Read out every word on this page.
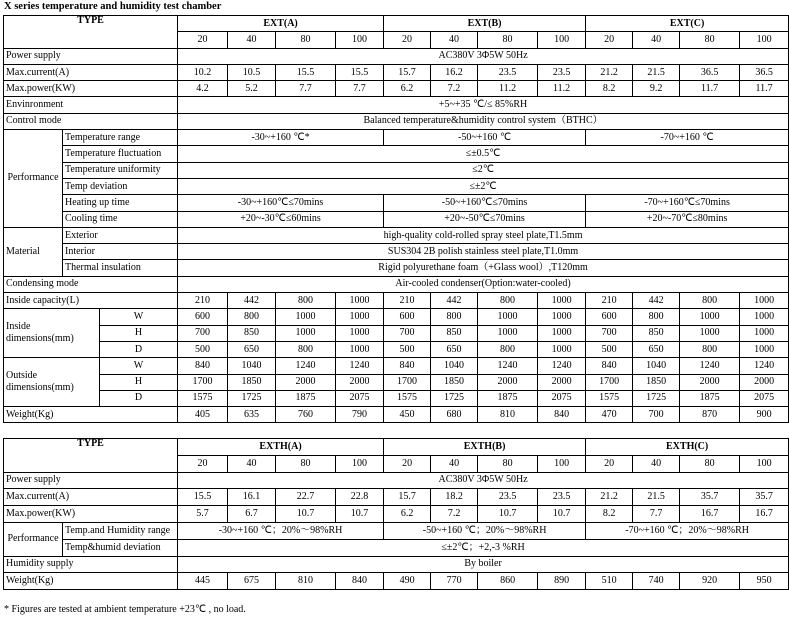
X series temperature and humidity test chamber
TYPE			EXT(A)				EXT(B)				EXT(C)			
			20	40	80	100	20	40	80	100	20	40	80	100
Power supply			AC380V 3Φ5W 50Hz											
Max.current(A)			10.2	10.5	15.5	15.5	15.7	16.2	23.5	23.5	21.2	21.5	36.5	36.5
Max.power(KW)			4.2	5.2	7.7	7.7	6.2	7.2	11.2	11.2	8.2	9.2	11.7	11.7
Envinronment			+5~+35 ℃/≤ 85%RH											
Control mode			Balanced temperature&humidity control system（BTHC）											
Performance	Temperature range		-30~+160 ℃*				-50~+160 ℃				-70~+160 ℃			
	Temperature fluctuation		≤±0.5℃											
	Temperature uniformity		≤2℃											
	Temp deviation		≤±2℃											
	Heating up time		-30~+160℃≤70mins				-50~+160℃≤70mins				-70~+160℃≤70mins			
	Cooling time		+20~-30℃≤60mins				+20~-50℃≤70mins				+20~-70℃≤80mins			
Material	Exterior		high-quality cold-rolled spray steel plate,T1.5mm											
	Interior		SUS304 2B polish stainless steel plate,T1.0mm											
	Thermal insulation		Rigid polyurethane foam（+Glass wool）,T120mm											
Condensing mode			Air-cooled condenser(Option:water-cooled)											
Inside capacity(L)			210	442	800	1000	210	442	800	1000	210	442	800	1000
Inside dimensions(mm)		W	600	800	1000	1000	600	800	1000	1000	600	800	1000	1000
		H	700	850	1000	1000	700	850	1000	1000	700	850	1000	1000
		D	500	650	800	1000	500	650	800	1000	500	650	800	1000
Outside dimensions(mm)		W	840	1040	1240	1240	840	1040	1240	1240	840	1040	1240	1240
		H	1700	1850	2000	2000	1700	1850	2000	2000	1700	1850	2000	2000
		D	1575	1725	1875	2075	1575	1725	1875	2075	1575	1725	1875	2075
Weight(Kg)			405	635	760	790	450	680	810	840	470	700	870	900
TYPE		EXTH(A)				EXTH(B)				EXTH(C)			
		20	40	80	100	20	40	80	100	20	40	80	100
Power supply		AC380V 3Φ5W 50Hz											
Max.current(A)		15.5	16.1	22.7	22.8	15.7	18.2	23.5	23.5	21.2	21.5	35.7	35.7
Max.power(KW)		5.7	6.7	10.7	10.7	6.2	7.2	10.7	10.7	8.2	7.7	16.7	16.7
Performance	Temp.and Humidity range	-30~+160 ℃；20%～98%RH				-50~+160 ℃；20%～98%RH				-70~+160 ℃；20%～98%RH			
	Temp&humid deviation	≤±2℃；+2,-3 %RH											
Humidity supply		By boiler											
Weight(Kg)		445	675	810	840	490	770	860	890	510	740	920	950
* Figures are tested at ambient temperature +23℃ , no load.
